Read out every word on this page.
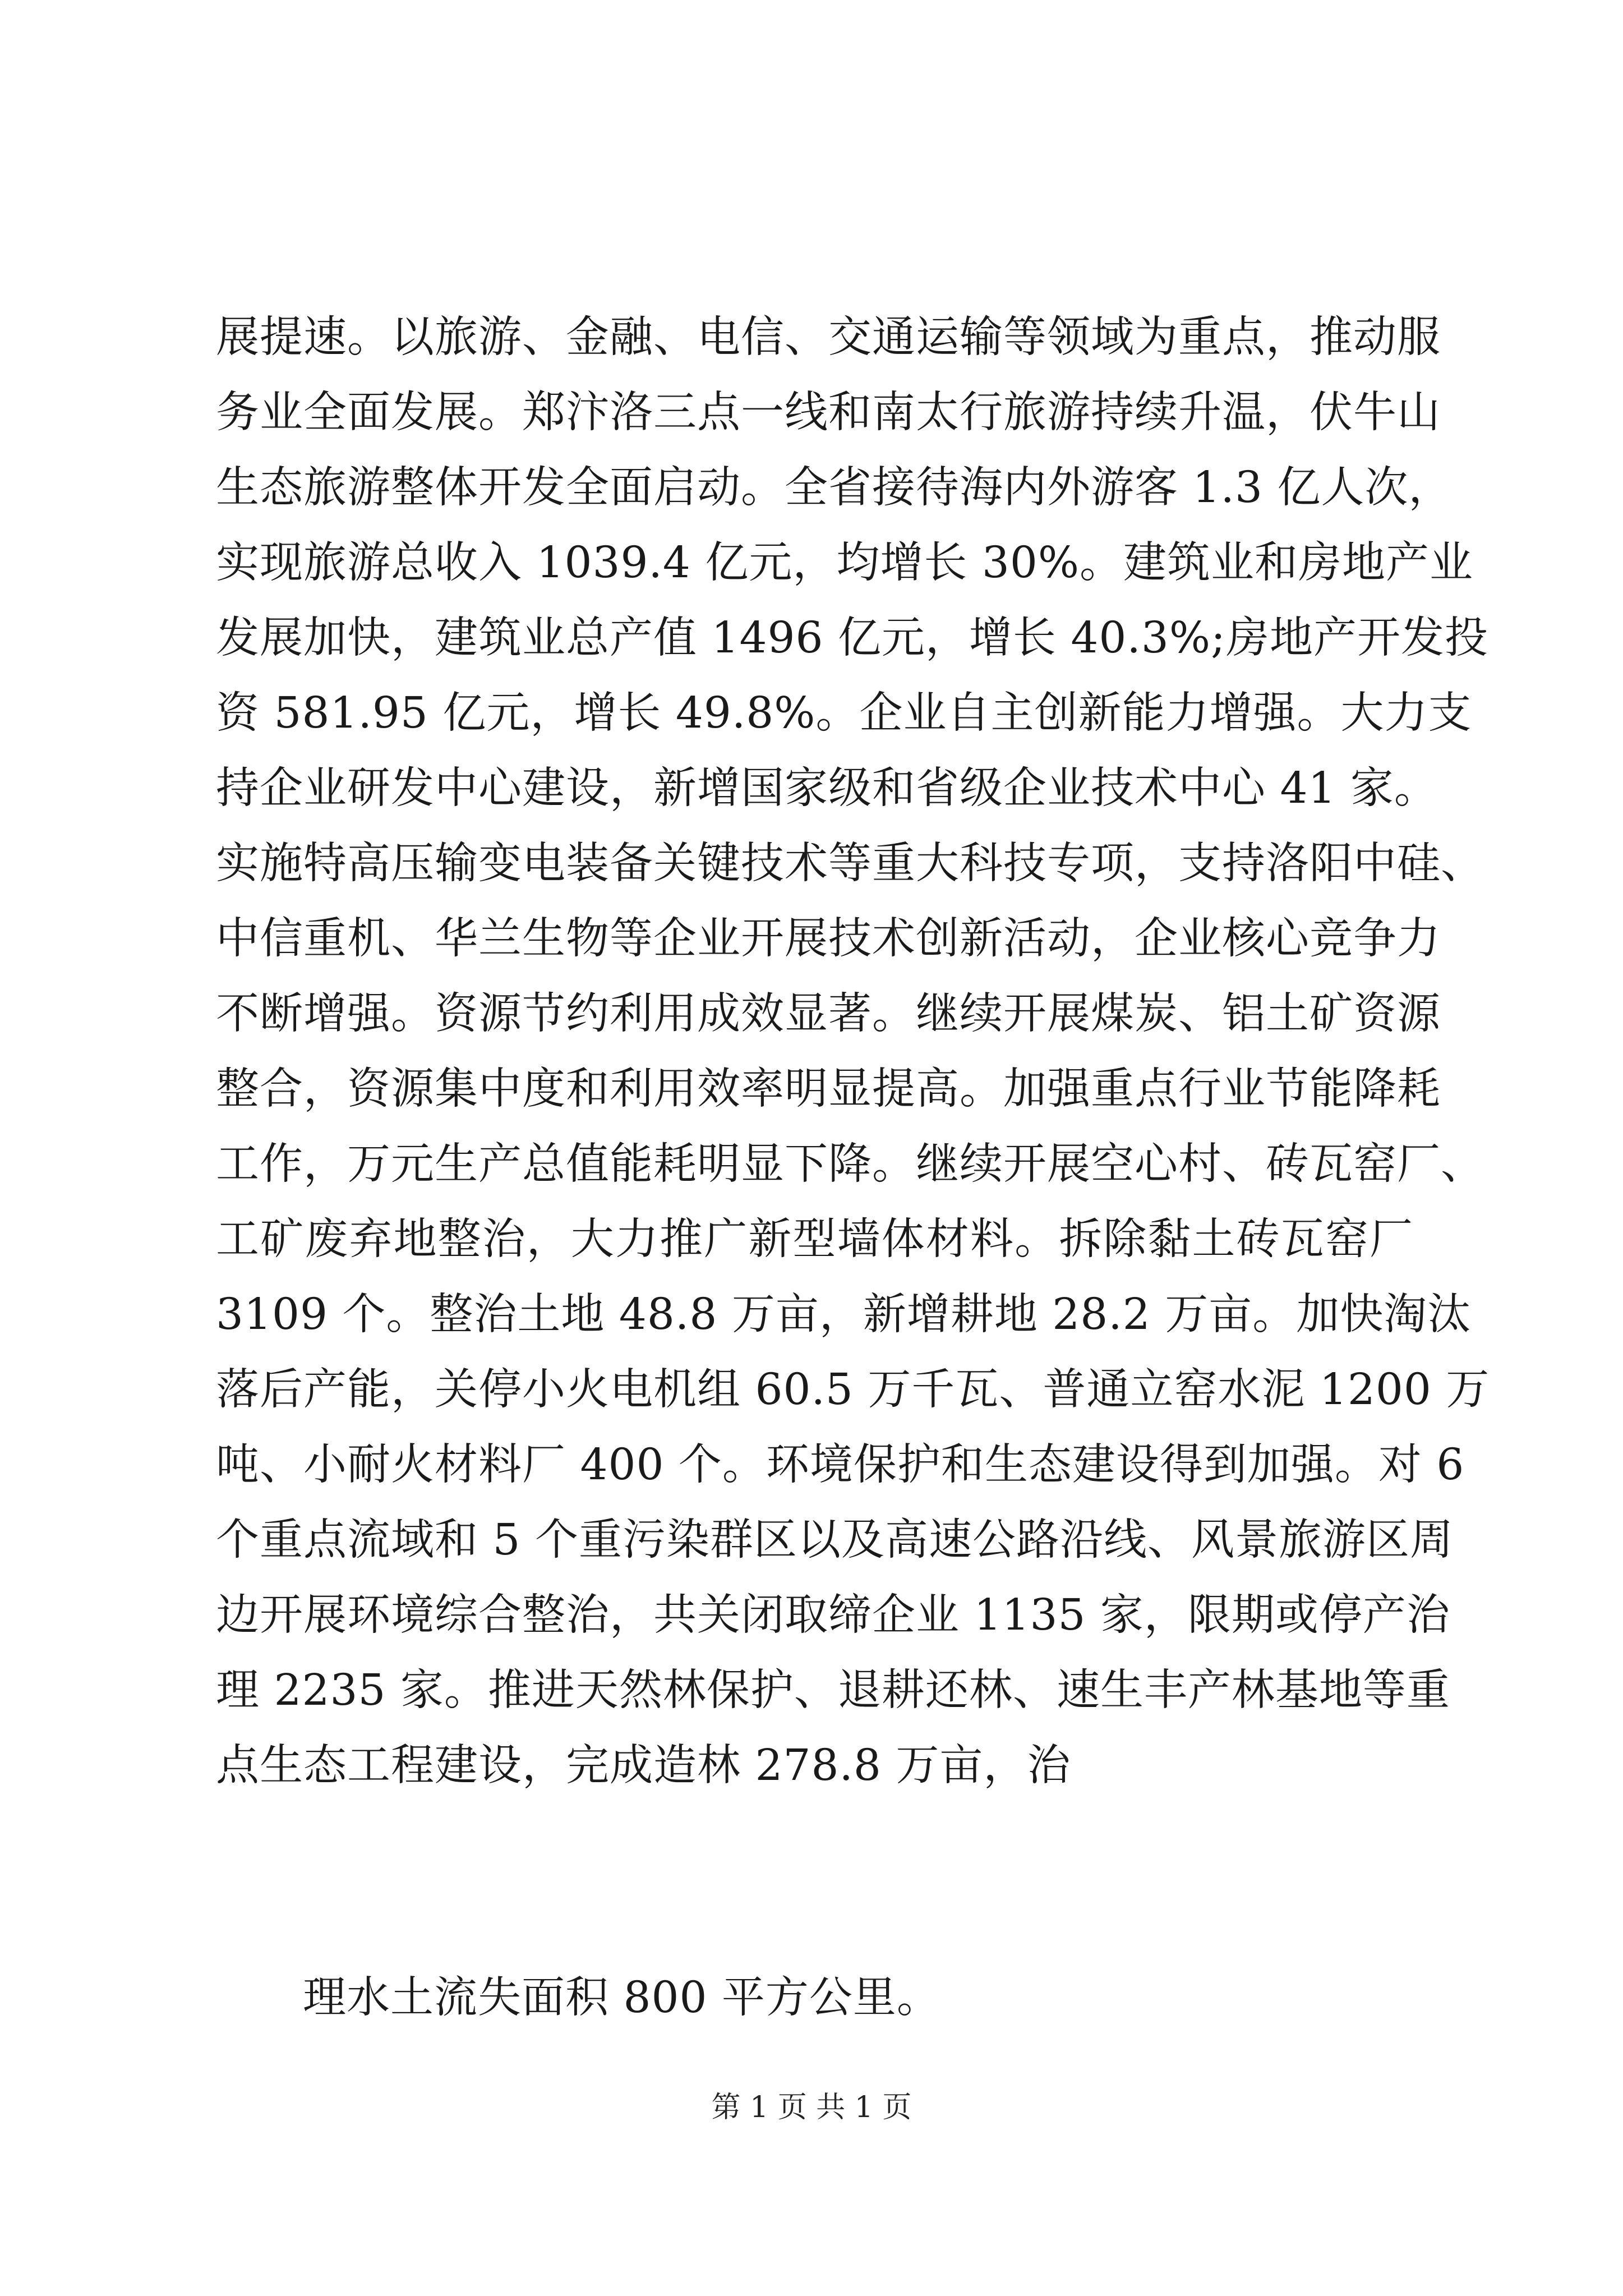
展提速。以旅游、金融、电信、交通运输等领域为重点，推动服
务业全面发展。郑汴洛三点一线和南太行旅游持续升温，伏牛山
生态旅游整体开发全面启动。全省接待海内外游客 1.3 亿人次，
实现旅游总收入 1039.4 亿元，均增长 30%。建筑业和房地产业
发展加快，建筑业总产值 1496 亿元，增长 40.3%;房地产开发投
资 581.95 亿元，增长 49.8%。企业自主创新能力增强。大力支
持企业研发中心建设，新增国家级和省级企业技术中心 41 家。
实施特高压输变电装备关键技术等重大科技专项，支持洛阳中硅、
中信重机、华兰生物等企业开展技术创新活动，企业核心竞争力
不断增强。资源节约利用成效显著。继续开展煤炭、铝土矿资源
整合，资源集中度和利用效率明显提高。加强重点行业节能降耗
工作，万元生产总值能耗明显下降。继续开展空心村、砖瓦窑厂、
工矿废弃地整治，大力推广新型墙体材料。拆除黏土砖瓦窑厂
3109 个。整治土地 48.8 万亩，新增耕地 28.2 万亩。加快淘汰
落后产能，关停小火电机组 60.5 万千瓦、普通立窑水泥 1200 万
吨、小耐火材料厂 400 个。环境保护和生态建设得到加强。对 6
个重点流域和 5 个重污染群区以及高速公路沿线、风景旅游区周
边开展环境综合整治，共关闭取缔企业 1135 家，限期或停产治
理 2235 家。推进天然林保护、退耕还林、速生丰产林基地等重
点生态工程建设，完成造林 278.8 万亩，治
理水土流失面积 800 平方公里。
第 1 页 共 1 页
